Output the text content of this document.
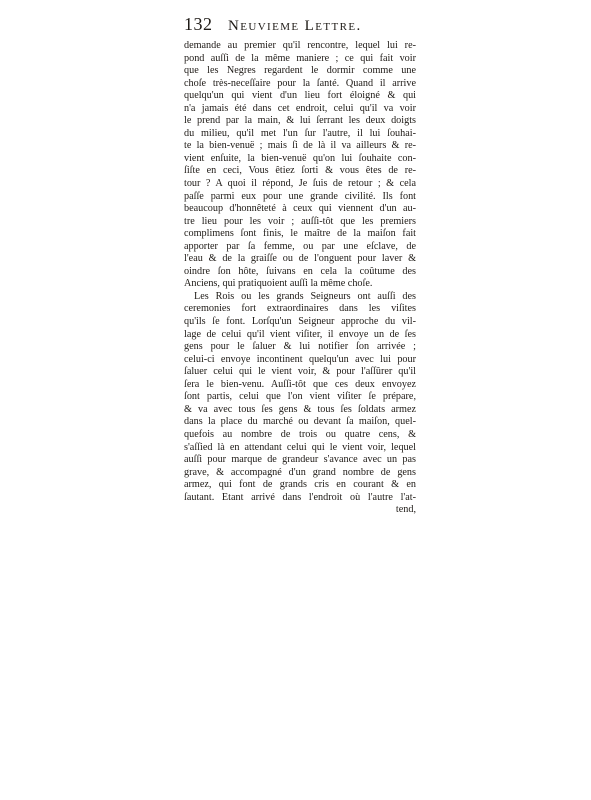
132	Neuvieme Lettre.
demande au premier qu'il rencontre, lequel lui re-
pond auſſi de la même maniere ; ce qui fait voir
que les Negres regardent le dormir comme une
choſe très-neceſſaire pour la ſanté. Quand il arrive
quelqu'un qui vient d'un lieu fort éloigné & qui
n'a jamais été dans cet endroit, celui qu'il va voir
le prend par la main, & lui ſerrant les deux doigts
du milieu, qu'il met l'un ſur l'autre, il lui ſouhai-
te la bien-venuë ; mais ſi de là il va ailleurs & re-
vient enſuite, la bien-venuë qu'on lui ſouhaite con-
ſiſte en ceci, Vous êtiez ſorti & vous êtes de re-
tour ? A quoi il répond, Je ſuis de retour ; & cela
paſſe parmi eux pour une grande civilité. Ils font
beaucoup d'honnêteté à ceux qui viennent d'un au-
tre lieu pour les voir ; auſſi-tôt que les premiers
complimens ſont finis, le maître de la maiſon fait
apporter par ſa femme, ou par une eſclave, de
l'eau & de la graiſſe ou de l'onguent pour laver &
oindre ſon hôte, ſuivans en cela la coûtume des
Anciens, qui pratiquoient auſſi la même choſe.
Les Rois ou les grands Seigneurs ont auſſi des
ceremonies fort extraordinaires dans les viſites
qu'ils ſe font. Lorſqu'un Seigneur approche du vil-
lage de celui qu'il vient viſiter, il envoye un de ſes
gens pour le ſaluer & lui notifier ſon arrivée ;
celui-ci envoye incontinent quelqu'un avec lui pour
ſaluer celui qui le vient voir, & pour l'aſſûrer qu'il
ſera le bien-venu. Auſſi-tôt que ces deux envoyez
ſont partis, celui que l'on vient viſiter ſe prépare,
& va avec tous ſes gens & tous ſes ſoldats armez
dans la place du marché ou devant ſa maiſon, quel-
quefois au nombre de trois ou quatre cens, &
s'aſſied là en attendant celui qui le vient voir, lequel
auſſi pour marque de grandeur s'avance avec un pas
grave, & accompagné d'un grand nombre de gens
armez, qui font de grands cris en courant & en
ſautant. Etant arrivé dans l'endroit où l'autre l'at-
tend,
